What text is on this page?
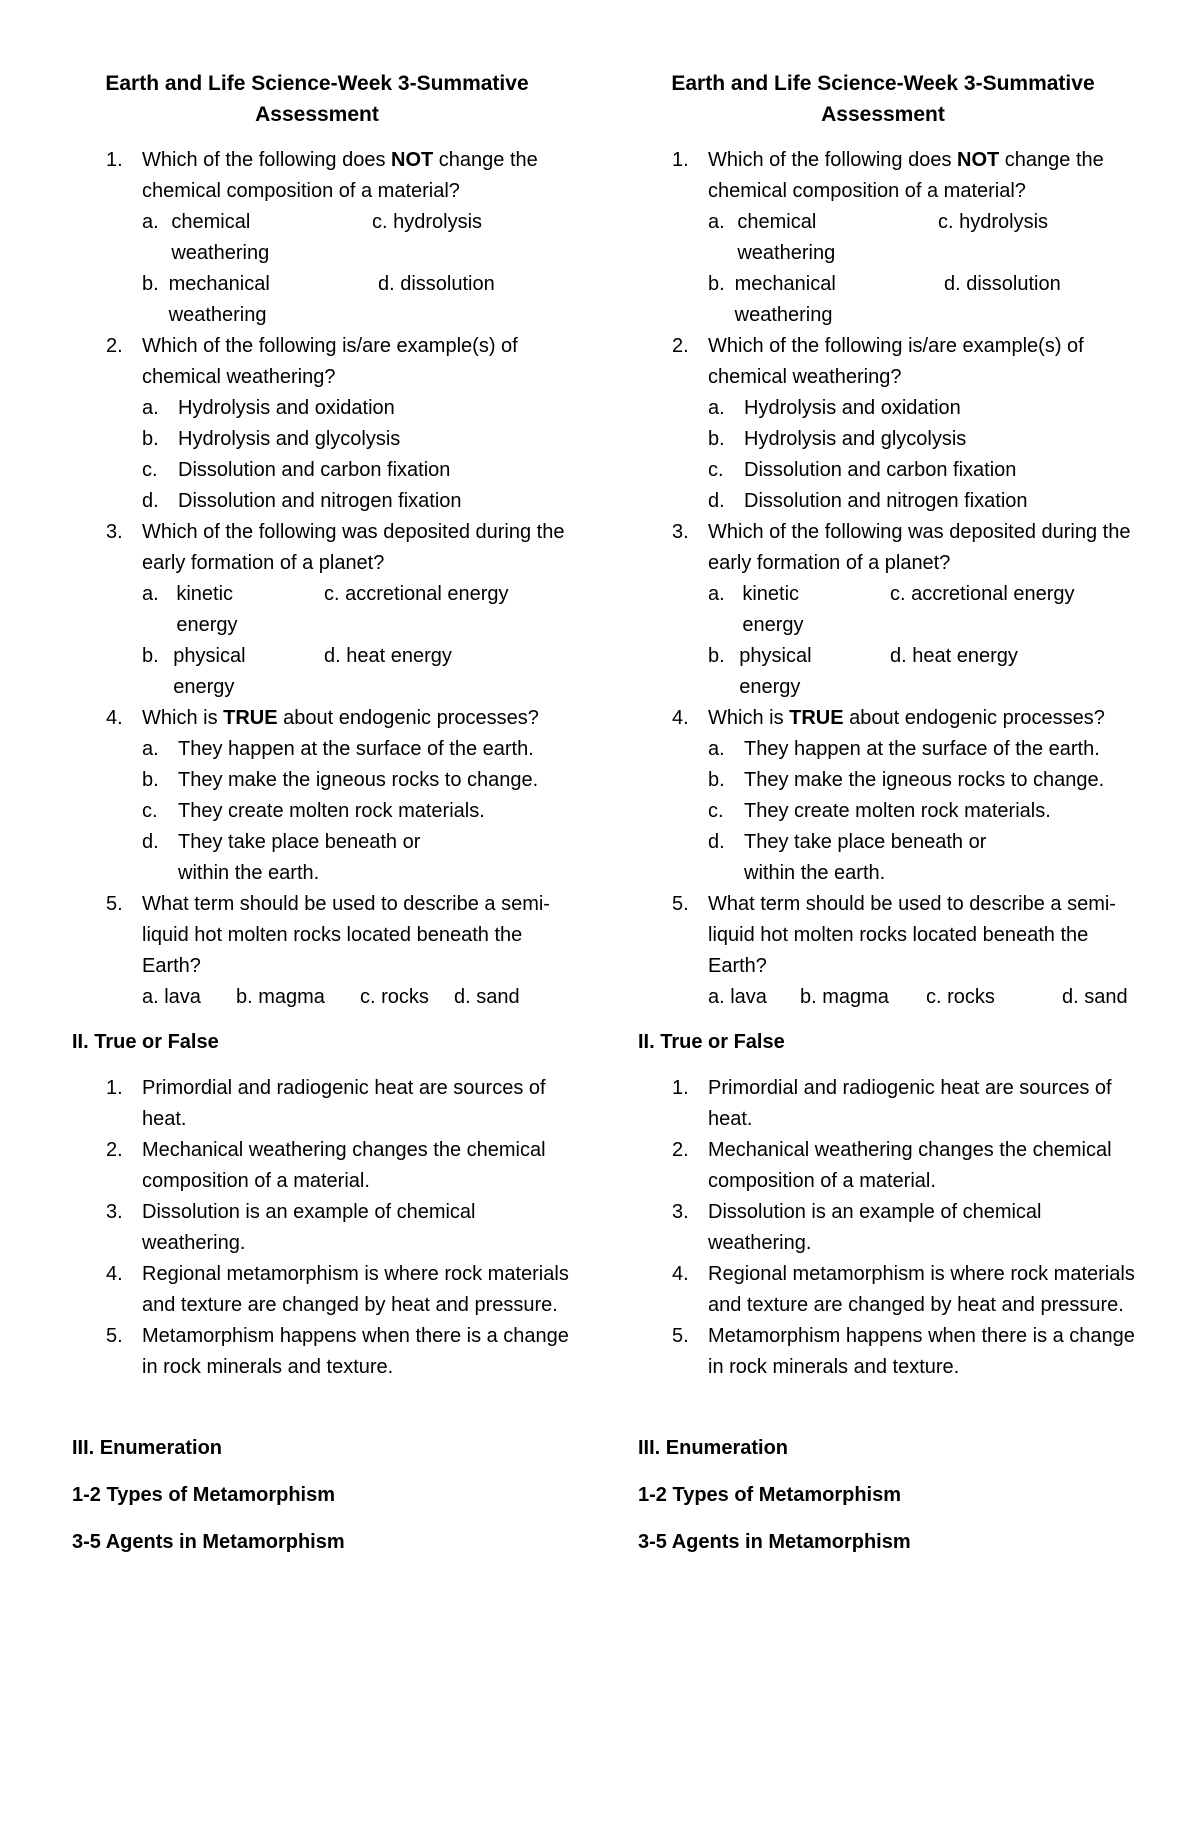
Earth and Life Science-Week 3-Summative Assessment
1. Which of the following does NOT change the chemical composition of a material?
a. chemical weathering
c. hydrolysis
b. mechanical weathering
d. dissolution
2. Which of the following is/are example(s) of chemical weathering?
a. Hydrolysis and oxidation
b. Hydrolysis and glycolysis
c. Dissolution and carbon fixation
d. Dissolution and nitrogen fixation
3. Which of the following was deposited during the early formation of a planet?
a. kinetic energy
c. accretional energy
b. physical energy
d. heat energy
4. Which is TRUE about endogenic processes?
a. They happen at the surface of the earth.
b. They make the igneous rocks to change.
c. They create molten rock materials.
d. They take place beneath or within the earth.
5. What term should be used to describe a semi-liquid hot molten rocks located beneath the Earth?
a. lava	b. magma	c. rocks	d. sand
II. True or False
1. Primordial and radiogenic heat are sources of heat.
2. Mechanical weathering changes the chemical composition of a material.
3. Dissolution is an example of chemical weathering.
4. Regional metamorphism is where rock materials and texture are changed by heat and pressure.
5. Metamorphism happens when there is a change in rock minerals and texture.
III. Enumeration
1-2 Types of Metamorphism
3-5 Agents in Metamorphism
Earth and Life Science-Week 3-Summative Assessment
1. Which of the following does NOT change the chemical composition of a material?
a. chemical weathering
c. hydrolysis
b. mechanical weathering
d. dissolution
2. Which of the following is/are example(s) of chemical weathering?
a. Hydrolysis and oxidation
b. Hydrolysis and glycolysis
c. Dissolution and carbon fixation
d. Dissolution and nitrogen fixation
3. Which of the following was deposited during the early formation of a planet?
a. kinetic energy
c. accretional energy
b. physical energy
d. heat energy
4. Which is TRUE about endogenic processes?
a. They happen at the surface of the earth.
b. They make the igneous rocks to change.
c. They create molten rock materials.
d. They take place beneath or within the earth.
5. What term should be used to describe a semi-liquid hot molten rocks located beneath the Earth?
a. lava	b. magma	c. rocks	d. sand
II. True or False
1. Primordial and radiogenic heat are sources of heat.
2. Mechanical weathering changes the chemical composition of a material.
3. Dissolution is an example of chemical weathering.
4. Regional metamorphism is where rock materials and texture are changed by heat and pressure.
5. Metamorphism happens when there is a change in rock minerals and texture.
III. Enumeration
1-2 Types of Metamorphism
3-5 Agents in Metamorphism
